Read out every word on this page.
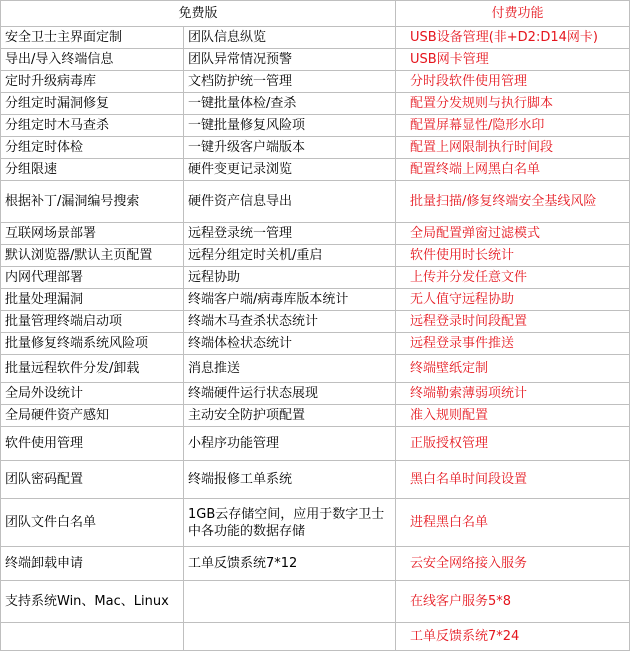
免费版		付费功能
安全卫士主界面定制	团队信息纵览	USB设备管理(非+D2:D14网卡)
导出/导入终端信息	团队异常情况预警	USB网卡管理
定时升级病毒库	文档防护统一管理	分时段软件使用管理
分组定时漏洞修复	一键批量体检/查杀	配置分发规则与执行脚本
分组定时木马查杀	一键批量修复风险项	配置屏幕显性/隐形水印
分组定时体检	一键升级客户端版本	配置上网限制执行时间段
分组限速	硬件变更记录浏览	配置终端上网黑白名单
根据补丁/漏洞编号搜索	硬件资产信息导出	批量扫描/修复终端安全基线风险
互联网场景部署	远程登录统一管理	全局配置弹窗过滤模式
默认浏览器/默认主页配置	远程分组定时关机/重启	软件使用时长统计
内网代理部署	远程协助	上传并分发任意文件
批量处理漏洞	终端客户端/病毒库版本统计	无人值守远程协助
批量管理终端启动项	终端木马查杀状态统计	远程登录时间段配置
批量修复终端系统风险项	终端体检状态统计	远程登录事件推送
批量远程软件分发/卸载	消息推送	终端壁纸定制
全局外设统计	终端硬件运行状态展现	终端勒索薄弱项统计
全局硬件资产感知	主动安全防护项配置	准入规则配置
软件使用管理	小程序功能管理	正版授权管理
团队密码配置	终端报修工单系统	黑白名单时间段设置
团队文件白名单	1GB云存储空间，应用于数字卫士中各功能的数据存储	进程黑白名单
终端卸载申请	工单反馈系统7*12	云安全网络接入服务
支持系统Win、Mac、Linux		在线客户服务5*8
		工单反馈系统7*24
